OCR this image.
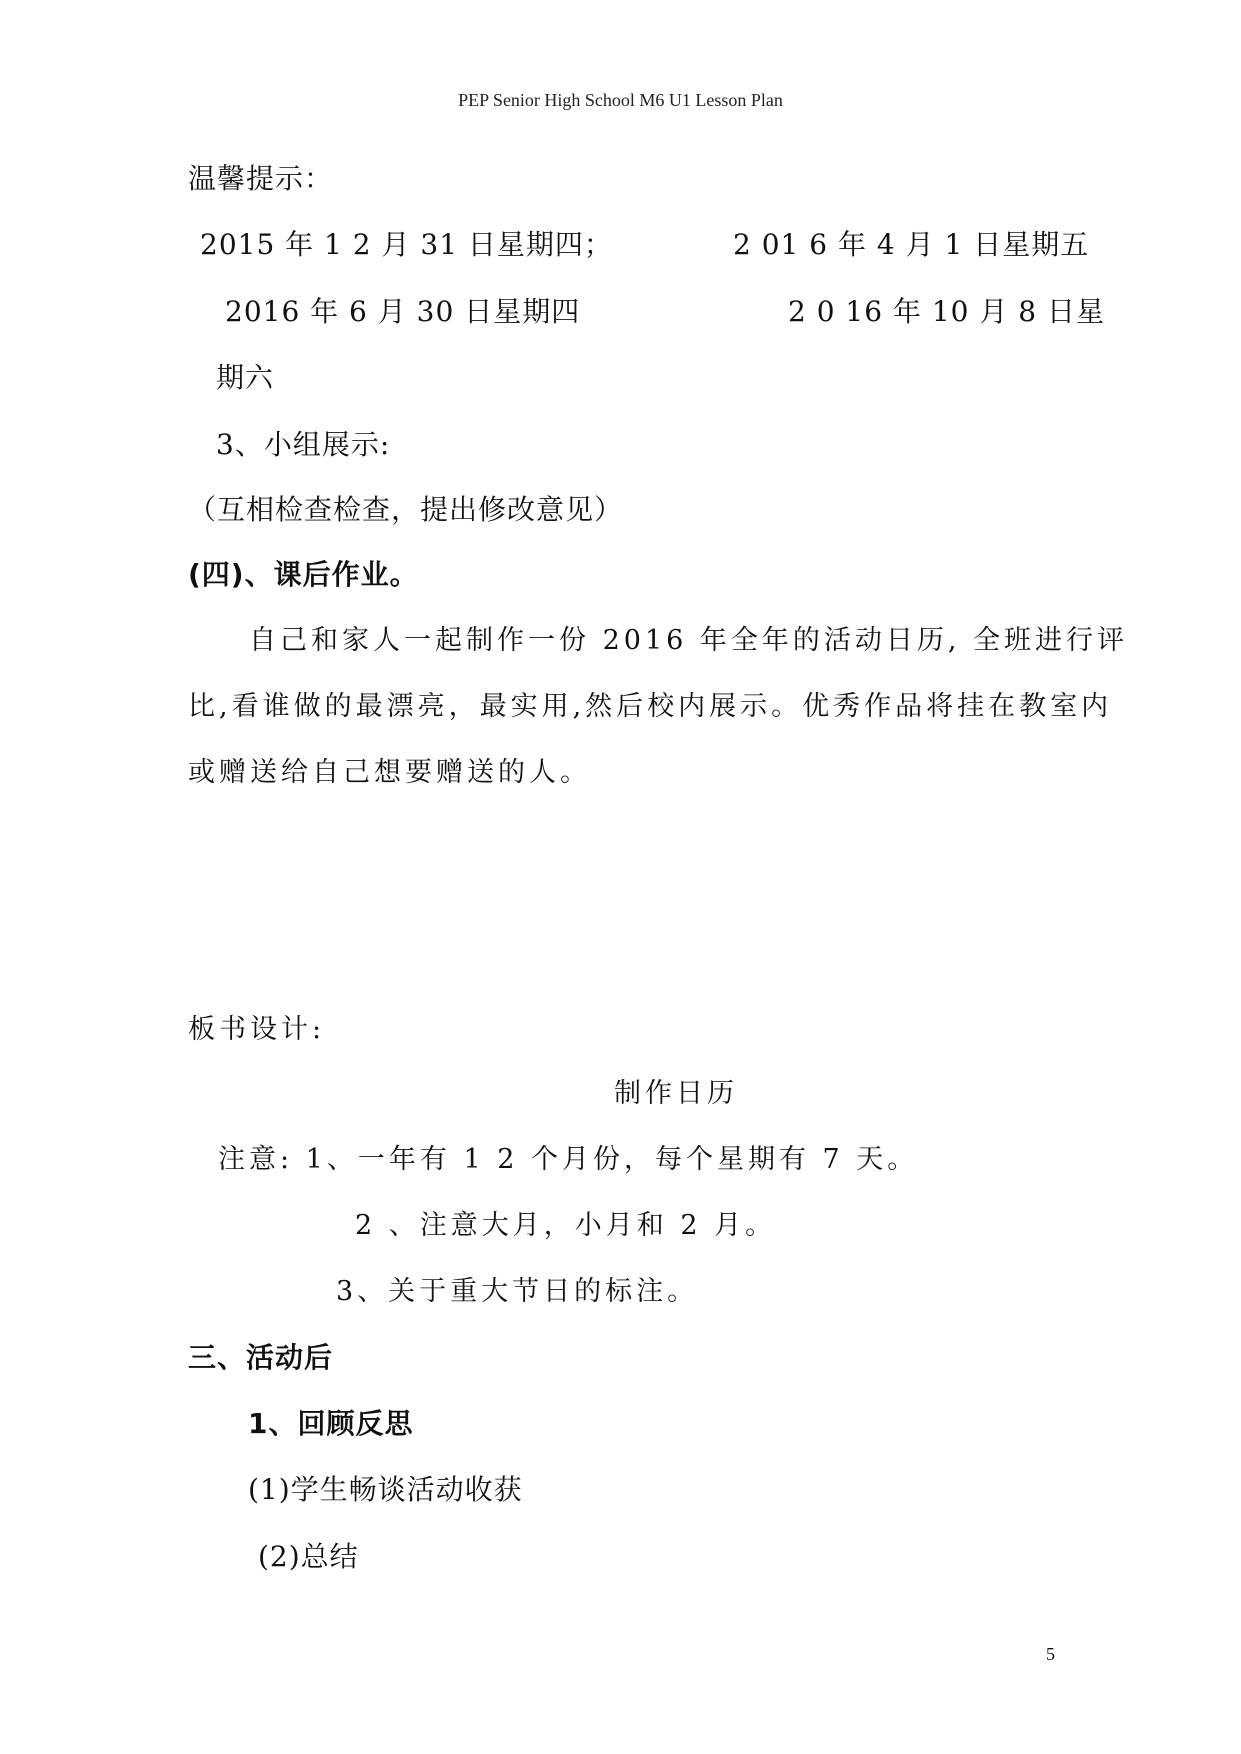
PEP Senior High School M6 U1 Lesson Plan
温馨提示：
2015 年 1 2 月 31 日星期四；	2 01 6 年 4 月 1 日星期五
2016 年 6 月 30 日星期四	2 0 16 年 10 月 8 日星
期六
3、小组展示:
（互相检查检查，提出修改意见）
(四)、课后作业。
自己和家人一起制作一份 2016 年全年的活动日历, 全班进行评
比,看谁做的最漂亮，最实用,然后校内展示。优秀作品将挂在教室内
或赠送给自己想要赠送的人。
板书设计:
制作日历
注意: 1、一年有 1 2 个月份，每个星期有 7 天。
2 、注意大月，小月和 2 月。
3、关于重大节日的标注。
三、活动后
1、回顾反思
(1)学生畅谈活动收获
(2)总结
5
